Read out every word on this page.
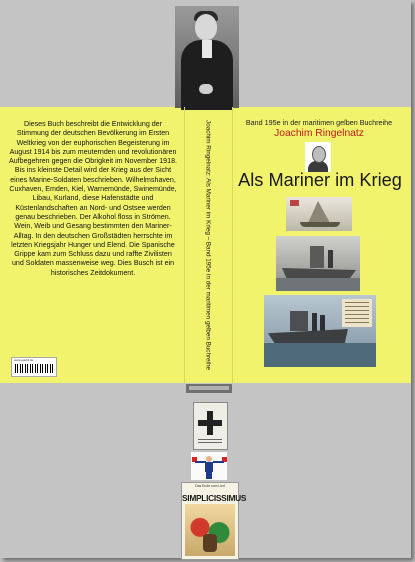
Dieses Buch beschreibt die Entwicklung der Stimmung der deutschen Bevölkerung im Ersten Weltkrieg von der euphorischen Begeisterung im August 1914 bis zum meuternden und revolutionären Aufbegehren gegen die Obrigkeit im November 1918. Bis ins kleinste Detail wird der Krieg aus der Sicht eines Marine-Soldaten beschrieben. Wilhelmshaven, Cuxhaven, Emden, Kiel, Warnemünde, Swinemünde, Libau, Kurland, diese Hafenstädte und Küstenlandschaften an Nord- und Ostsee werden genau beschrieben. Der Alkohol floss in Strömen. Wein, Weib und Gesang bestimmten den Mariner-Alltag. In den deutschen Großstädten herrschte im letzten Kriegsjahr Hunger und Elend. Die Spanische Grippe kam zum Schluss dazu und raffte Zivilisten und Soldaten massenweise weg. Dies Busch ist ein historisches Zeitdokument.

www.epubli.de	Joachim Ringelnatz: Als Mariner im Krieg – Band 195e in der maritimen gelben Buchreihe	Band 195e in der maritimen gelben Buchreihe
Joachim Ringelnatz
Als Mariner im Krieg
Das Ende vom Lied
SIMPLICISSIMUS
